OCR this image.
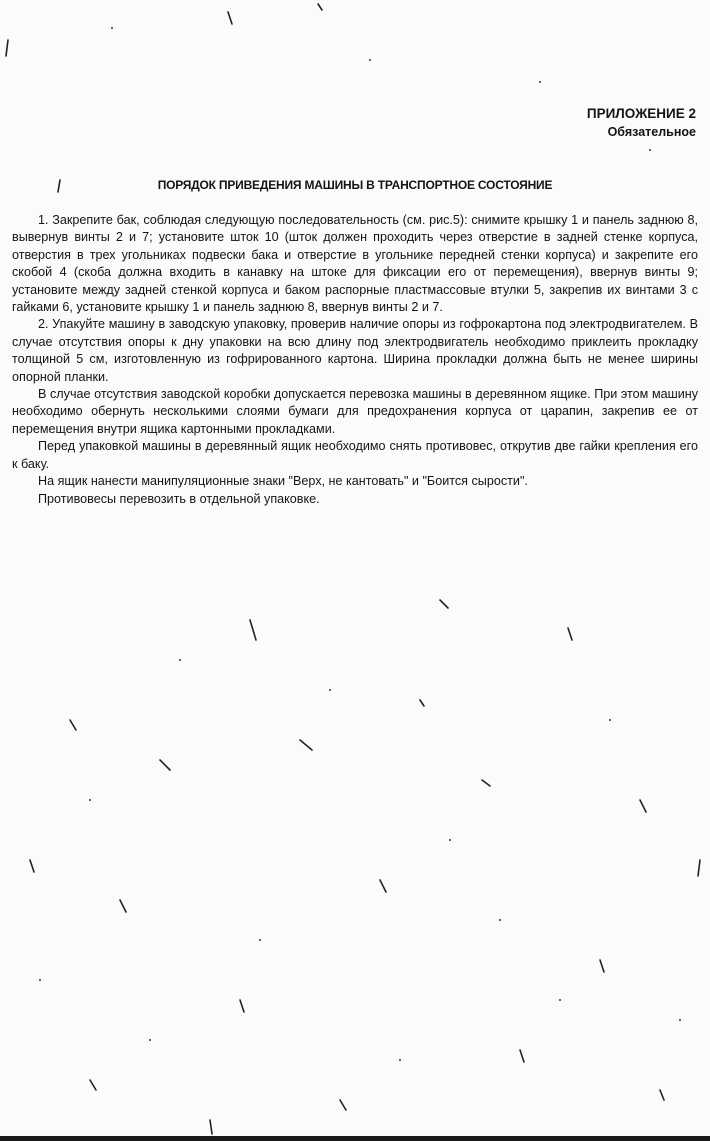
ПРИЛОЖЕНИЕ 2
Обязательное
ПОРЯДОК ПРИВЕДЕНИЯ МАШИНЫ В ТРАНСПОРТНОЕ СОСТОЯНИЕ

1. Закрепите бак, соблюдая следующую последовательность (см. рис.5): снимите крышку 1 и панель заднюю 8, вывернув винты 2 и 7; установите шток 10 (шток должен проходить через отверстие в задней стенке корпуса, отверстия в трех угольниках подвески бака и отверстие в угольнике передней стенки корпуса) и закрепите его скобой 4 (скоба должна входить в канавку на штоке для фиксации его от перемещения), ввернув винты 9; установите между задней стенкой корпуса и баком распорные пластмассовые втулки 5, закрепив их винтами 3 с гайками 6, установите крышку 1 и панель заднюю 8, ввернув винты 2 и 7.

2. Упакуйте машину в заводскую упаковку, проверив наличие опоры из гофрокартона под электродвигателем. В случае отсутствия опоры к дну упаковки на всю длину под электродвигатель необходимо приклеить прокладку толщиной 5 см, изготовленную из гофрированного картона. Ширина прокладки должна быть не менее ширины опорной планки.

В случае отсутствия заводской коробки допускается перевозка машины в деревянном ящике. При этом машину необходимо обернуть несколькими слоями бумаги для предохранения корпуса от царапин, закрепив ее от перемещения внутри ящика картонными прокладками.

Перед упаковкой машины в деревянный ящик необходимо снять противовес, открутив две гайки крепления его к баку.

На ящик нанести манипуляционные знаки "Верх, не кантовать" и "Боится сырости".

Противовесы перевозить в отдельной упаковке.
